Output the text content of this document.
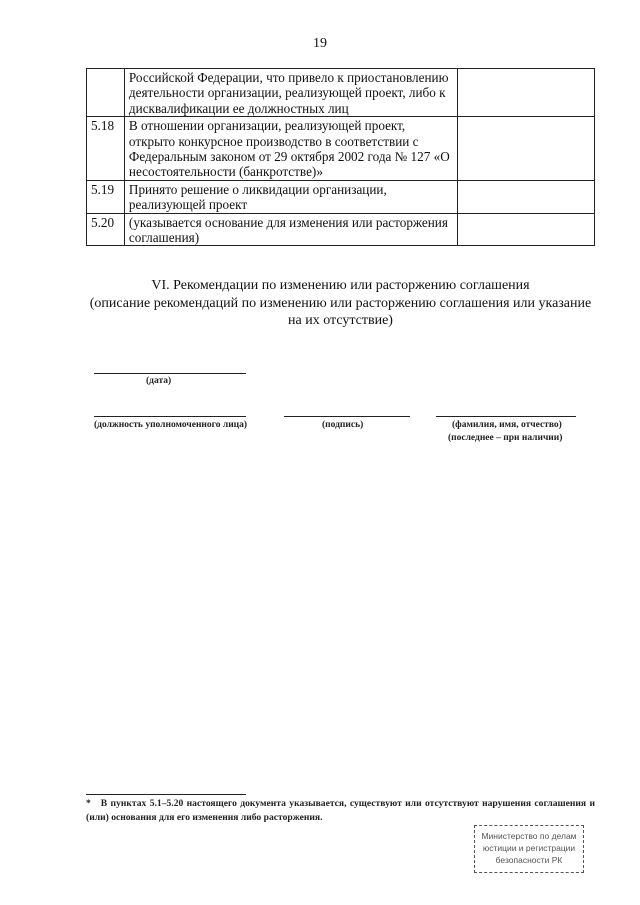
19
	Российской Федерации, что привело к приостановлению деятельности организации, реализующей проект, либо к дисквалификации ее должностных лиц	
5.18	В отношении организации, реализующей проект, открыто конкурсное производство в соответствии с Федеральным законом от 29 октября 2002 года № 127 «О несостоятельности (банкротстве)»	
5.19	Принято решение о ликвидации организации, реализующей проект	
5.20	(указывается основание для изменения или расторжения соглашения)	
VI. Рекомендации по изменению или расторжению соглашения
(описание рекомендаций по изменению или расторжению соглашения или указание на их отсутствие)
(дата)
(должность уполномоченного лица)	(подпись)	(фамилия, имя, отчество)
(последнее – при наличии)
* В пунктах 5.1–5.20 настоящего документа указывается, существуют или отсутствуют нарушения соглашения и (или) основания для его изменения либо расторжения.
Министерство по делам
юстиции и регистрации
безопасности РК
